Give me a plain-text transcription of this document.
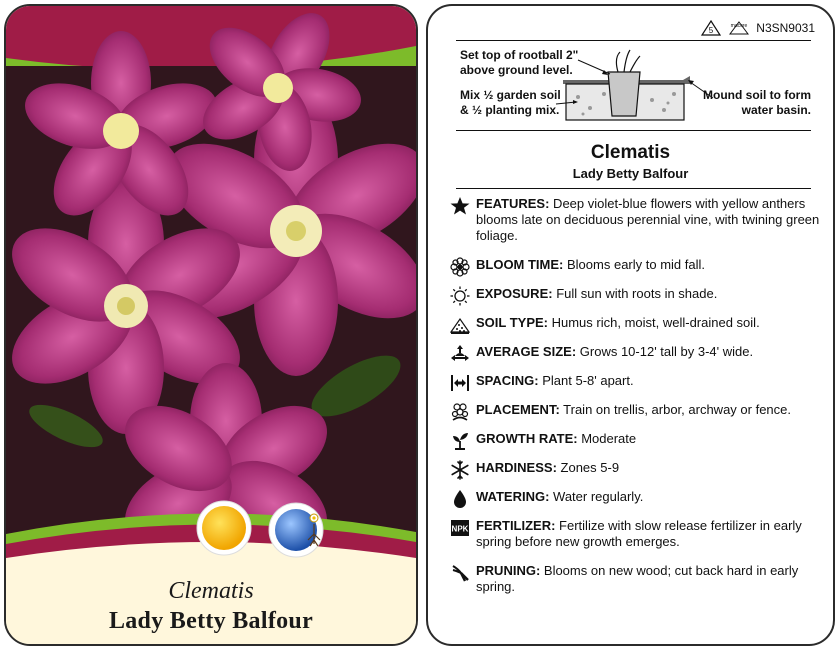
Clematis
Lady Betty Balfour
5	macore N3SN9031
Set top of rootball 2"
above ground level.
Mix ½ garden soil
& ½ planting mix.
Mound soil to form
water basin.
Clematis
Lady Betty Balfour
FEATURES: Deep violet-blue flowers with yellow anthers blooms late on deciduous perennial vine, with twining green foliage.
BLOOM TIME: Blooms early to mid fall.
EXPOSURE: Full sun with roots in shade.
SOIL TYPE: Humus rich, moist, well-drained soil.
AVERAGE SIZE: Grows 10-12' tall by 3-4' wide.
SPACING: Plant 5-8' apart.
PLACEMENT: Train on trellis, arbor, archway or fence.
GROWTH RATE: Moderate
HARDINESS: Zones 5-9
WATERING: Water regularly.
NPK FERTILIZER: Fertilize with slow release fertilizer in early spring before new growth emerges.
PRUNING: Blooms on new wood; cut back hard in early spring.
